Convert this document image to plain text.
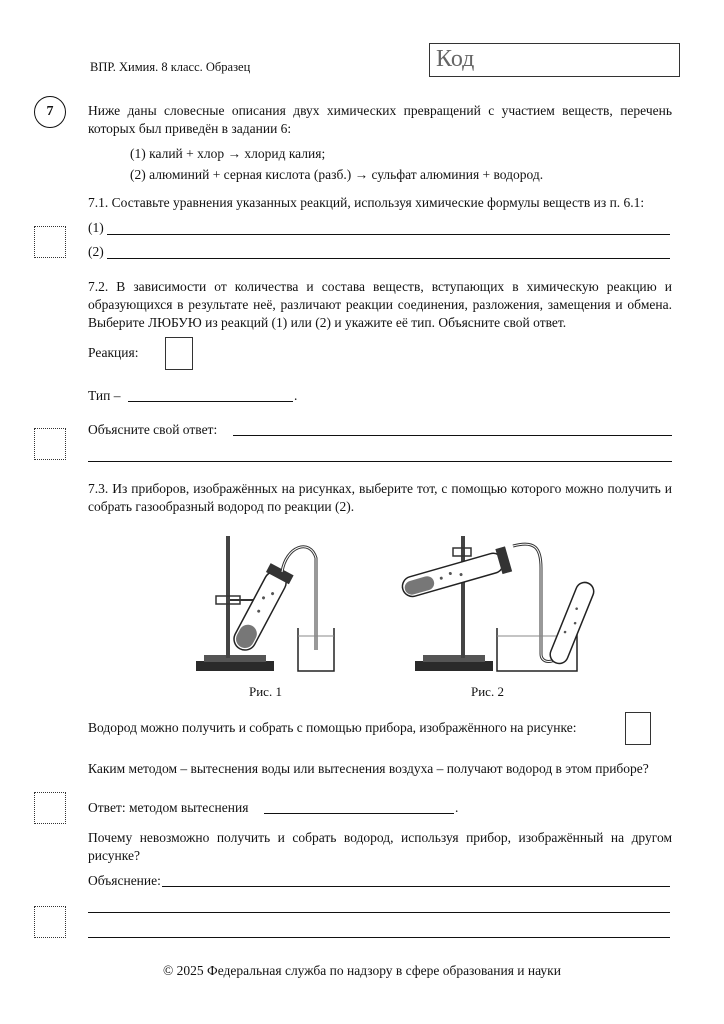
ВПР. Химия. 8 класс. Образец	Код
7	Ниже даны словесные описания двух химических превращений с участием веществ, перечень
которых был приведён в задании 6:
(1) калий + хлор → хлорид калия;
(2) алюминий + серная кислота (разб.) → сульфат алюминия + водород.
7.1. Составьте уравнения указанных реакций, используя химические формулы веществ из п. 6.1:
(1)
(2)
7.2. В зависимости от количества и состава веществ, вступающих в химическую реакцию и образующихся в результате неё, различают реакции соединения, разложения, замещения и обмена. Выберите ЛЮБУЮ из реакций (1) или (2) и укажите её тип. Объясните свой ответ.
Реакция:
Тип –	.
Объясните свой ответ:
7.3. Из приборов, изображённых на рисунках, выберите тот, с помощью которого можно получить и собрать газообразный водород по реакции (2).
Рис. 1	Рис. 2
Водород можно получить и собрать с помощью прибора, изображённого на рисунке:
Каким методом – вытеснения воды или вытеснения воздуха – получают водород в этом приборе?
Ответ: методом вытеснения	.
Почему невозможно получить и собрать водород, используя прибор, изображённый на другом рисунке?
Объяснение:
© 2025 Федеральная служба по надзору в сфере образования и науки
